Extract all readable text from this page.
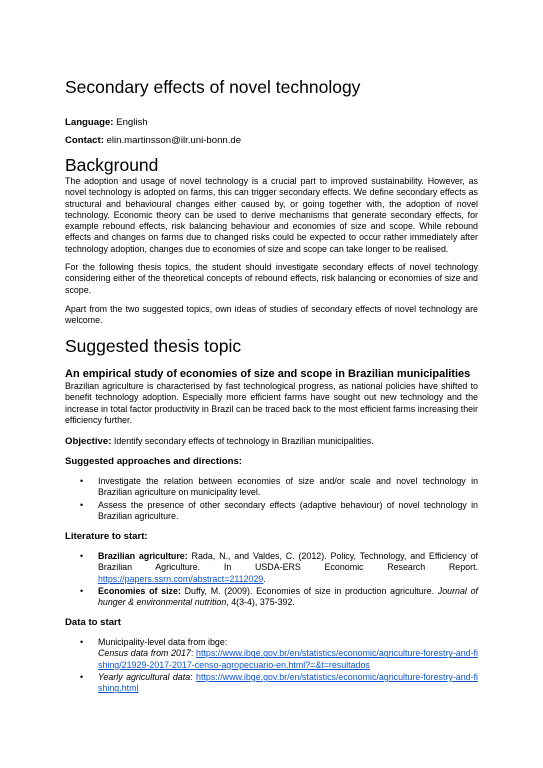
Secondary effects of novel technology
Language: English
Contact: elin.martinsson@ilr.uni-bonn.de
Background
The adoption and usage of novel technology is a crucial part to improved sustainability. However, as novel technology is adopted on farms, this can trigger secondary effects. We define secondary effects as structural and behavioural changes either caused by, or going together with, the adoption of novel technology. Economic theory can be used to derive mechanisms that generate secondary effects, for example rebound effects, risk balancing behaviour and economies of size and scope. While rebound effects and changes on farms due to changed risks could be expected to occur rather immediately after technology adoption, changes due to economies of size and scope can take longer to be realised.
For the following thesis topics, the student should investigate secondary effects of novel technology considering either of the theoretical concepts of rebound effects, risk balancing or economies of size and scope.
Apart from the two suggested topics, own ideas of studies of secondary effects of novel technology are welcome.
Suggested thesis topic
An empirical study of economies of size and scope in Brazilian municipalities
Brazilian agriculture is characterised by fast technological progress, as national policies have shifted to benefit technology adoption. Especially more efficient farms have sought out new technology and the increase in total factor productivity in Brazil can be traced back to the most efficient farms increasing their efficiency further.
Objective: Identify secondary effects of technology in Brazilian municipalities.
Suggested approaches and directions:
• Investigate the relation between economies of size and/or scale and novel technology in Brazilian agriculture on municipality level.
• Assess the presence of other secondary effects (adaptive behaviour) of novel technology in Brazilian agriculture.
Literature to start:
• Brazilian agriculture: Rada, N., and Valdes, C. (2012). Policy, Technology, and Efficiency of Brazilian Agriculture. In USDA-ERS Economic Research Report. https://papers.ssrn.com/abstract=2112029.
• Economies of size: Duffy, M. (2009). Economies of size in production agriculture. Journal of hunger & environmental nutrition, 4(3-4), 375-392.
Data to start
• Municipality-level data from ibge:
Census data from 2017: https://www.ibge.gov.br/en/statistics/economic/agriculture-forestry-and-fishing/21929-2017-2017-censo-agropecuario-en.html?=&t=resultados
• Yearly agricultural data: https://www.ibge.gov.br/en/statistics/economic/agriculture-forestry-and-fishing.html
